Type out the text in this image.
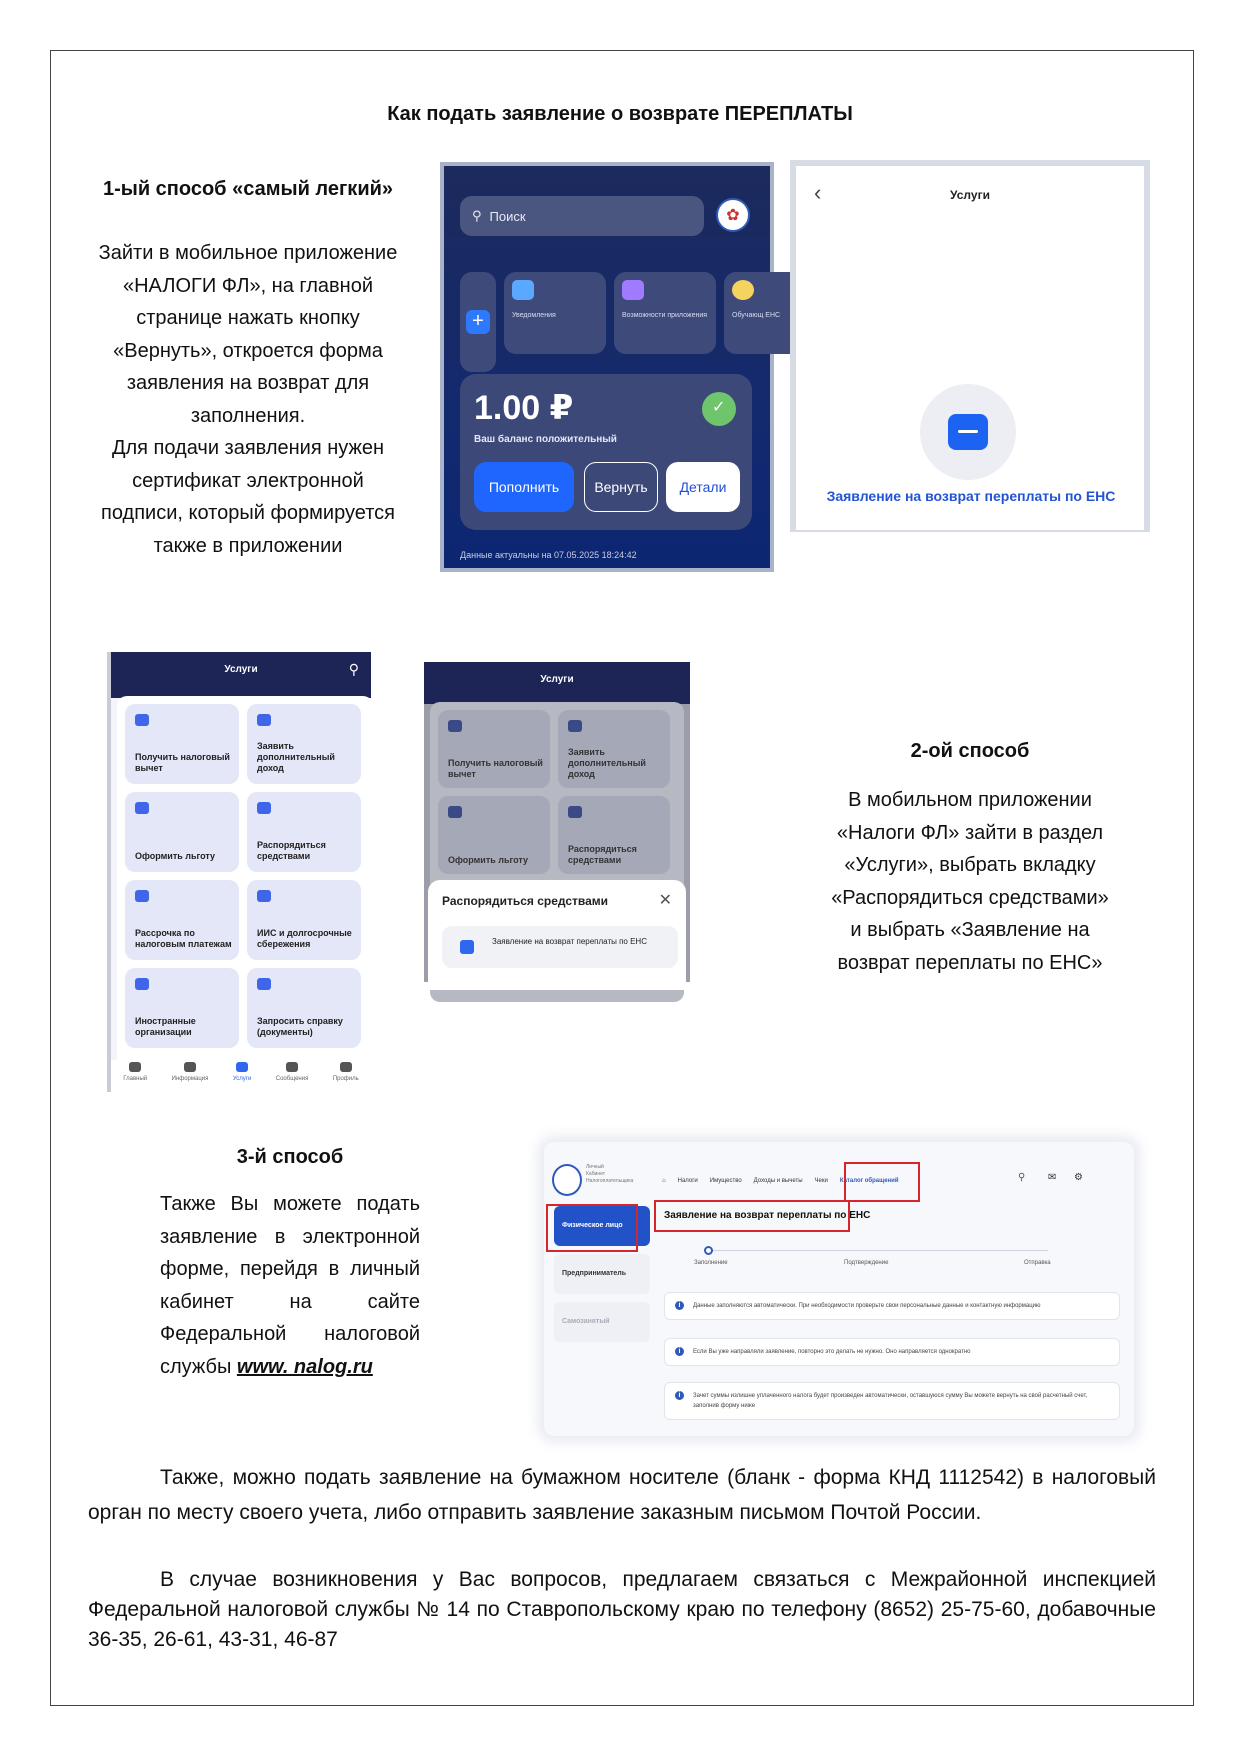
Как подать заявление о возврате ПЕРЕПЛАТЫ
1-ый способ «самый легкий»
Зайти в мобильное приложение
«НАЛОГИ ФЛ», на главной
странице нажать кнопку
«Вернуть», откроется форма
заявления на возврат для
заполнения.
Для подачи заявления нужен
сертификат электронной
подписи, который формируется
также в приложении
⚲ Поиск	✿
+	Уведомления	Возможности приложения	Обучающ ЕНС
1.00 ₽
✓
Ваш баланс положительный
Пополнить	Вернуть	Детали
Данные актуальны на 07.05.2025 18:24:42
‹	Услуги
Заявление на возврат переплаты по ЕНС
Услуги	⚲
Получить налоговый вычет
Заявить дополнительный доход
Оформить льготу
Распорядиться средствами
Рассрочка по налоговым платежам
ИИС и долгосрочные сбережения
Иностранные организации
Запросить справку (документы)
Главный	Информация	Услуги	Сообщения	Профиль
Услуги
Получить налоговый вычет
Заявить дополнительный доход
Оформить льготу
Распорядиться средствами
Распорядиться средствами	✕
Заявление на возврат переплаты по ЕНС
2-ой способ
В мобильном приложении
«Налоги ФЛ» зайти в раздел
«Услуги», выбрать вкладку
«Распорядиться средствами»
и выбрать «Заявление на
возврат переплаты по ЕНС»
3-й способ
Также Вы можете подать
заявление в электронной
форме, перейдя в личный
кабинет на сайте
Федеральной налоговой
службы www. nalog.ru
Личный Кабинет Налогоплательщика	⌂ Налоги Имущество Доходы и вычеты Чеки Каталог обращений	⚲ ✉ ⚙
Физическое лицо
Предприниматель
Самозанятый
Заявление на возврат переплаты по ЕНС
Заполнение	Подтверждение	Отправка
i Данные заполняются автоматически. При необходимости проверьте свои персональные данные и контактную информацию
i Если Вы уже направляли заявление, повторно это делать не нужно. Оно направляется однократно
i Зачет суммы излишне уплаченного налога будет произведен автоматически, оставшуюся сумму Вы можете вернуть на свой расчетный счет, заполнив форму ниже
Также, можно подать заявление на бумажном носителе (бланк - форма КНД 1112542) в налоговый орган по месту своего учета, либо отправить заявление заказным письмом Почтой России.
В случае возникновения у Вас вопросов, предлагаем связаться с Межрайонной инспекцией Федеральной налоговой службы № 14 по Ставропольскому краю по телефону (8652) 25-75-60, добавочные 36-35, 26-61, 43-31, 46-87
